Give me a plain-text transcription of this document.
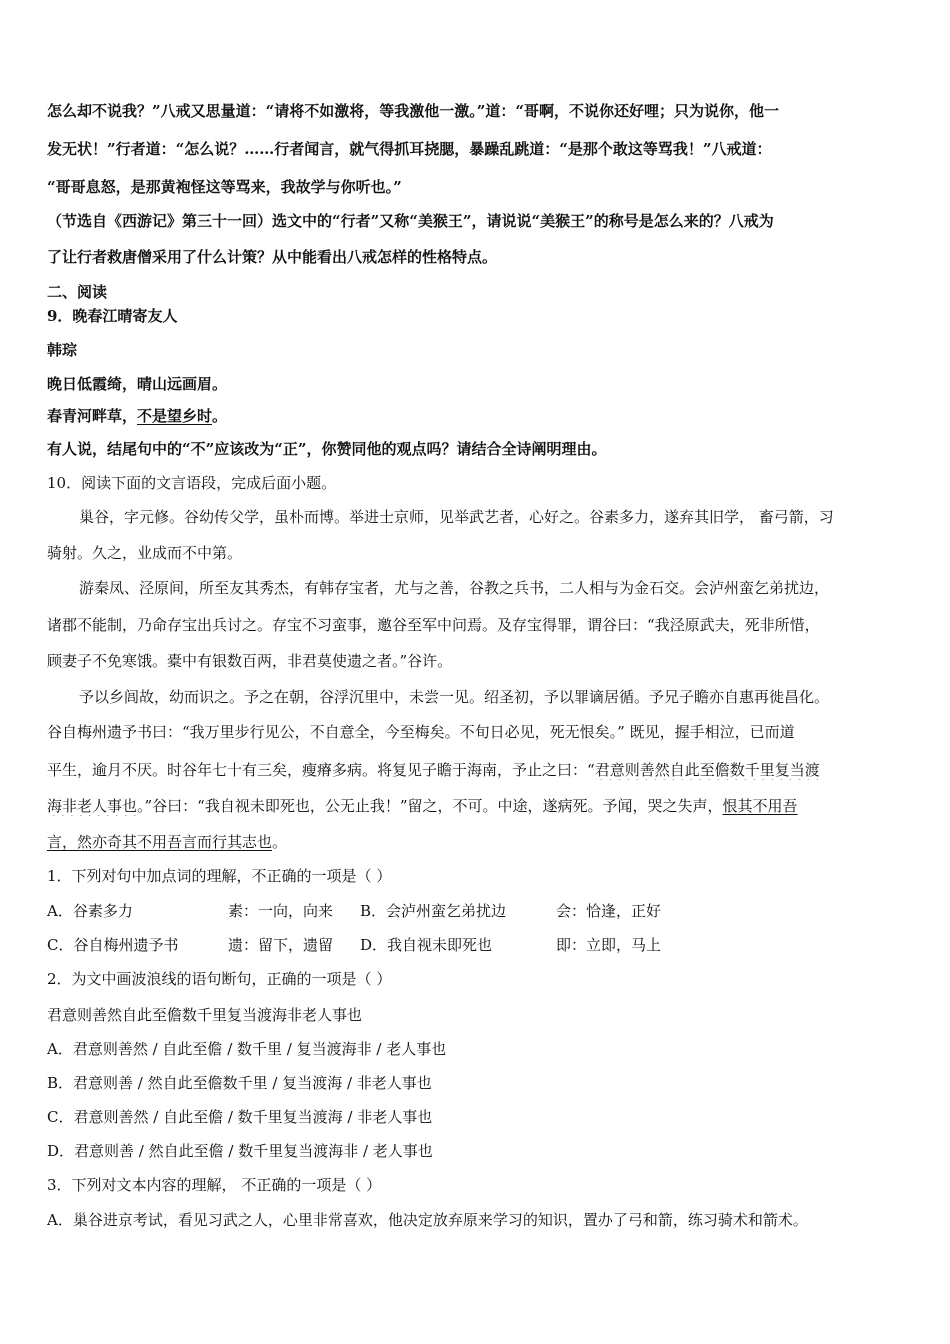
怎么却不说我？”八戒又思量道：“请将不如激将，等我激他一激。”道：“哥啊，不说你还好哩；只为说你，他一
发无状！”行者道：“怎么说？……行者闻言，就气得抓耳挠腮，暴躁乱跳道：“是那个敢这等骂我！”八戒道：
“哥哥息怒，是那黄袍怪这等骂来，我故学与你听也。”
（节选自《西游记》第三十一回）选文中的“行者”又称“美猴王”，请说说“美猴王”的称号是怎么来的？八戒为
了让行者救唐僧采用了什么计策？从中能看出八戒怎样的性格特点。
二、阅读
9．晚春江晴寄友人
韩琮
晚日低霞绮，晴山远画眉。
春青河畔草，不是望乡时。
有人说，结尾句中的“不”应该改为“正”，你赞同他的观点吗？请结合全诗阐明理由。
10．阅读下面的文言语段，完成后面小题。
巢谷，字元修。谷幼传父学，虽朴而博。举进士京师，见举武艺者，心好之。谷素多力，遂弃其旧学， 畜弓箭，习
骑射。久之，业成而不中第。
游秦凤、泾原间，所至友其秀杰，有韩存宝者，尤与之善，谷教之兵书，二人相与为金石交。会泸州蛮乞弟扰边，
诸郡不能制，乃命存宝出兵讨之。存宝不习蛮事，邀谷至军中问焉。及存宝得罪，谓谷曰：“我泾原武夫，死非所惜，
顾妻子不免寒饿。橐中有银数百两，非君莫使遗之者。”谷许。
予以乡闾故，幼而识之。予之在朝，谷浮沉里中，未尝一见。绍圣初，予以罪谪居循。予兄子瞻亦自惠再徙昌化。
谷自梅州遗予书曰：“我万里步行见公，不自意全，今至梅矣。不旬日必见，死无恨矣。” 既见，握手相泣，已而道
平生，逾月不厌。时谷年七十有三矣，瘦瘠多病。将复见子瞻于海南，予止之曰：“君意则善然自此至儋数千里复当渡
海非老人事也。”谷曰：“我自视未即死也，公无止我！”留之，不可。中途，遂病死。予闻，哭之失声，恨其不用吾
言，然亦奇其不用吾言而行其志也。
1．下列对句中加点词的理解，不正确的一项是（ ）
A．谷素多力	素：一向，向来 B．会泸州蛮乞弟扰边	会：恰逢，正好
C．谷自梅州遗予书	遗：留下，遗留 D．我自视未即死也	即：立即，马上
2．为文中画波浪线的语句断句，正确的一项是（ ）
君意则善然自此至儋数千里复当渡海非老人事也
A．君意则善然 / 自此至儋 / 数千里 / 复当渡海非 / 老人事也
B．君意则善 / 然自此至儋数千里 / 复当渡海 / 非老人事也
C．君意则善然 / 自此至儋 / 数千里复当渡海 / 非老人事也
D．君意则善 / 然自此至儋 / 数千里复当渡海非 / 老人事也
3．下列对文本内容的理解， 不正确的一项是（ ）
A．巢谷进京考试，看见习武之人，心里非常喜欢，他决定放弃原来学习的知识，置办了弓和箭，练习骑术和箭术。
